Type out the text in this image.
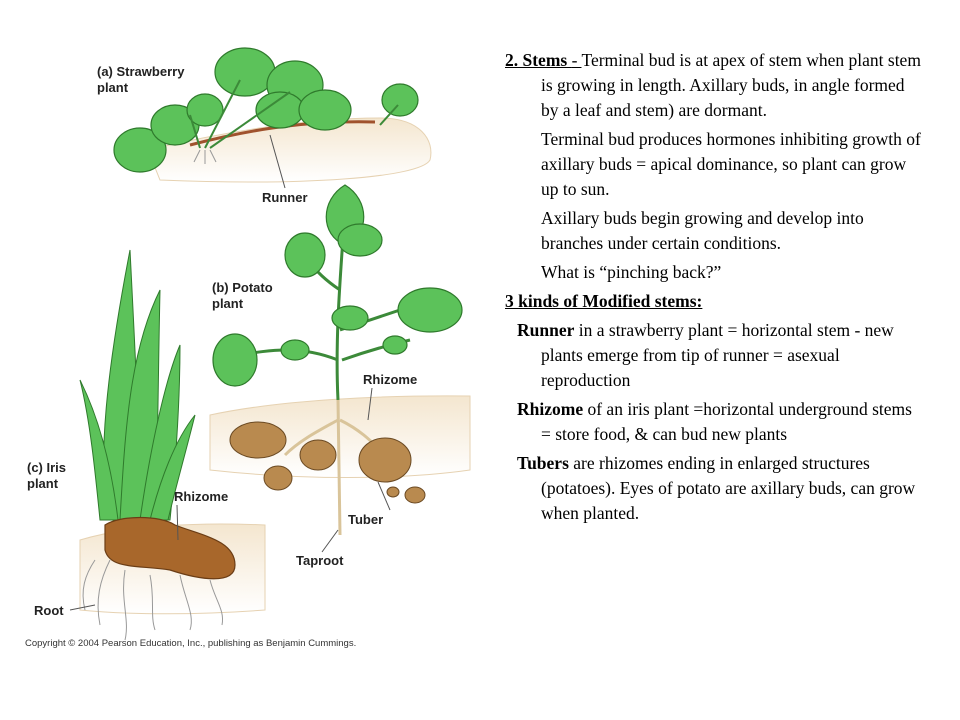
(a) Strawberry
plant
Runner
(b) Potato
plant
Rhizome
Tuber
Taproot
(c) Iris
plant
Rhizome
Root
Copyright © 2004 Pearson Education, Inc., publishing as Benjamin Cummings.

2. Stems - Terminal bud is at apex of stem when plant stem is growing in length. Axillary buds, in angle formed by a leaf and stem) are dormant.

Terminal bud produces hormones inhibiting growth of axillary buds = apical dominance, so plant can grow up to sun.

Axillary buds begin growing and develop into branches under certain conditions.

What is “pinching back?”

3 kinds of Modified stems:

Runner in a strawberry plant = horizontal stem - new plants emerge from tip of runner = asexual reproduction

Rhizome of an iris plant =horizontal underground stems = store food, & can bud new plants

Tubers are rhizomes ending in enlarged structures (potatoes). Eyes of potato are axillary buds, can grow when planted.
